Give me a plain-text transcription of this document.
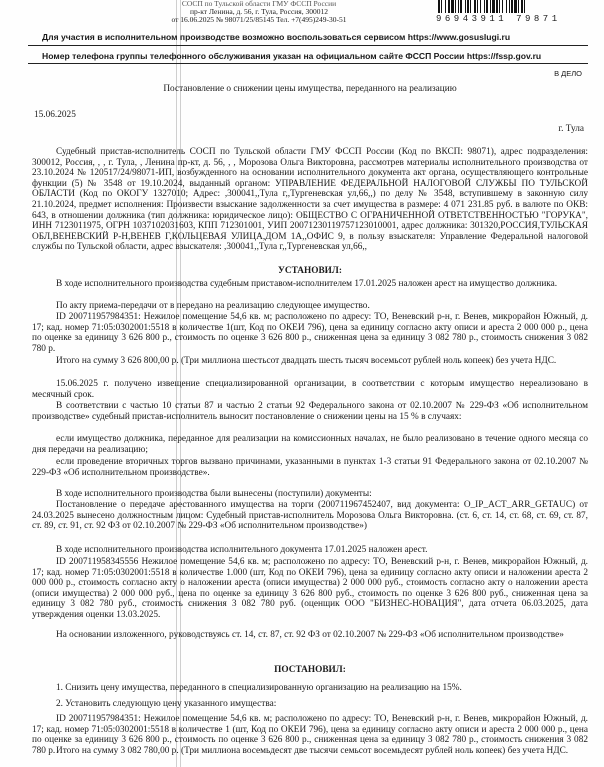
СОСП по Тульской области ГМУ ФССП России
пр-кт Ленина, д. 56, г. Тула, Россия, 300012
от 16.06.2025 № 98071/25/85145 Тел. +7(495)249-30-51	96943911 79871
Для участия в исполнительном производстве возможно воспользоваться сервисом https://www.gosuslugi.ru
Номер телефона группы телефонного обслуживания указан на официальном сайте ФССП России https://fssp.gov.ru
В ДЕЛО
Постановление о снижении цены имущества, переданного на реализацию
15.06.2025
г. Тула
Судебный пристав-исполнитель СОСП по Тульской области ГМУ ФССП России (Код по ВКСП: 98071), адрес подразделения: 300012, Россия, , , г. Тула, , Ленина пр-кт, д. 56, , , Морозова Ольга Викторовна, рассмотрев материалы исполнительного производства от 23.10.2024 № 120517/24/98071-ИП, возбужденного на основании исполнительного документа акт органа, осуществляющего контрольные функции (5) № 3548 от 19.10.2024, выданный органом: УПРАВЛЕНИЕ ФЕДЕРАЛЬНОЙ НАЛОГОВОЙ СЛУЖБЫ ПО ТУЛЬСКОЙ ОБЛАСТИ (Код по ОКОГУ 1327010; Адрес: ,300041,,Тула г,,Тургеневская ул,66,,) по делу № 3548, вступившему в законную силу 21.10.2024, предмет исполнения: Произвести взыскание задолженности за счет имущества в размере: 4 071 231.85 руб. в валюте по ОКВ: 643, в отношении должника (тип должника: юридическое лицо): ОБЩЕСТВО С ОГРАНИЧЕННОЙ ОТВЕТСТВЕННОСТЬЮ "ГОРУКА", ИНН 7123011975, ОГРН 1037102031603, КПП 712301001, УИП 20071230119757123010001, адрес должника: 301320,РОССИЯ,ТУЛЬСКАЯ ОБЛ,ВЕНЕВСКИЙ Р-Н,ВЕНЕВ Г,КОЛЬЦЕВАЯ УЛИЦА,ДОМ 1А,,ОФИС 9, в пользу взыскателя: Управление Федеральной налоговой службы по Тульской области, адрес взыскателя: ,300041,,Тула г,,Тургеневская ул,66,,
УСТАНОВИЛ:
В ходе исполнительного производства судебным приставом-исполнителем 17.01.2025 наложен арест на имущество должника.
По акту приема-передачи от в передано на реализацию следующее имущество.
ID 200711957984351: Нежилое помещение 54,6 кв. м; расположено по адресу: ТО, Веневский р-н, г. Венев, микрорайон Южный, д. 17; кад. номер 71:05:0302001:5518 в количестве 1(шт, Код по ОКЕИ 796), цена за единицу согласно акту описи и ареста 2 000 000 р., цена по оценке за единицу 3 626 800 р., стоимость по оценке 3 626 800 р., сниженная цена за единицу 3 082 780 р., стоимость снижения 3 082 780 р.
Итого на сумму 3 626 800,00 р. (Три миллиона шестьсот двадцать шесть тысяч восемьсот рублей ноль копеек) без учета НДС.
15.06.2025 г. получено извещение специализированной организации, в соответствии с которым имущество нереализовано в месячный срок.
В соответствии с частью 10 статьи 87 и частью 2 статьи 92 Федерального закона от 02.10.2007 № 229-ФЗ «Об исполнительном производстве» судебный пристав-исполнитель выносит постановление о снижении цены на 15 % в случаях:
если имущество должника, переданное для реализации на комиссионных началах, не было реализовано в течение одного месяца со дня передачи на реализацию;
если проведение вторичных торгов вызвано причинами, указанными в пунктах 1-3 статьи 91 Федерального закона от 02.10.2007 № 229-ФЗ «Об исполнительном производстве».
В ходе исполнительного производства были вынесены (поступили) документы:
Постановление о передаче арестованного имущества на торги (200711967452407, вид документа: O_IP_ACT_ARR_GETAUC) от 24.03.2025 вынесено должностным лицом: Судебный пристав-исполнитель Морозова Ольга Викторовна. (ст. 6, ст. 14, ст. 68, ст. 69, ст. 87, ст. 89, ст. 91, ст. 92 ФЗ от 02.10.2007 № 229-ФЗ «Об исполнительном производстве»)
В ходе исполнительного производства исполнительного документа 17.01.2025 наложен арест.
ID 200711958345556 Нежилое помещение 54,6 кв. м; расположено по адресу: ТО, Веневский р-н, г. Венев, микрорайон Южный, д. 17; кад. номер 71:05:0302001:5518 в количестве 1.000 (шт, Код по ОКЕИ 796), цена за единицу согласно акту описи и наложении ареста 2 000 000 р., стоимость согласно акту о наложении ареста (описи имущества) 2 000 000 руб., стоимость согласно акту о наложении ареста (описи имущества) 2 000 000 руб., цена по оценке за единицу 3 626 800 руб., стоимость по оценке 3 626 800 руб., сниженная цена за единицу 3 082 780 руб., стоимость снижения 3 082 780 руб. (оценщик ООО "БИЗНЕС-НОВАЦИЯ", дата отчета 06.03.2025, дата утверждения оценки 13.03.2025.
На основании изложенного, руководствуясь ст. 14, ст. 87, ст. 92 ФЗ от 02.10.2007 № 229-ФЗ «Об исполнительном производстве»
ПОСТАНОВИЛ:
1. Снизить цену имущества, переданного в специализированную организацию на реализацию на 15%.
2. Установить следующую цену указанного имущества:
ID 200711957984351: Нежилое помещение 54,6 кв. м; расположено по адресу: ТО, Веневский р-н, г. Венев, микрорайон Южный, д. 17; кад. номер 71:05:0302001:5518 в количестве 1 (шт, Код по ОКЕИ 796), цена за единицу согласно акту описи и ареста 2 000 000 р., цена по оценке за единицу 3 626 800 р., стоимость по оценке 3 626 800 р., сниженная цена за единицу 3 082 780 р., стоимость снижения 3 082 780 р. Итого на сумму 3 082 780,00 р. (Три миллиона восемьдесят две тысячи семьсот восемьдесят рублей ноль копеек) без учета НДС.
